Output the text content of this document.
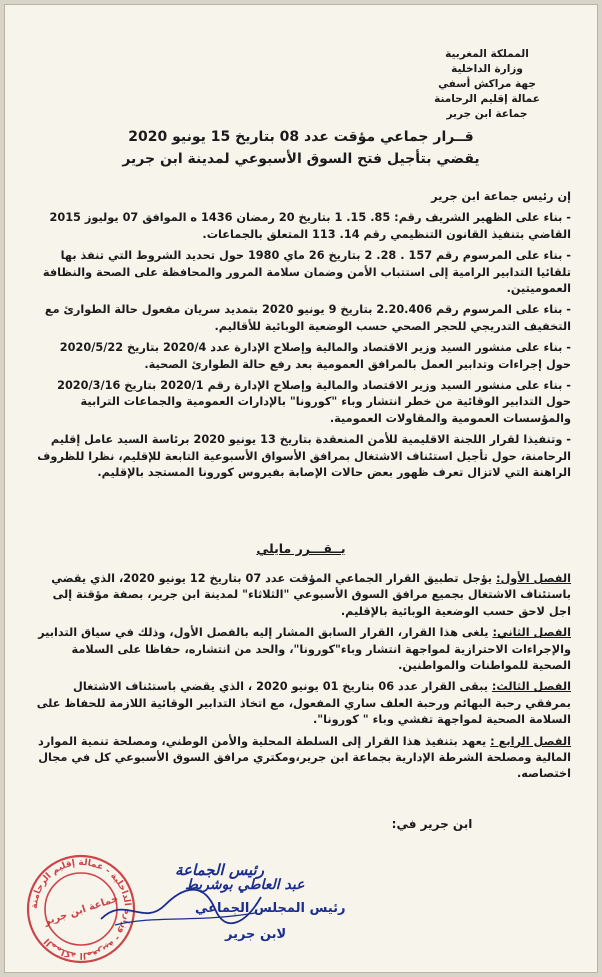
المملكة المغربية
وزارة الداخلية
جهة مراكش أسفي
عمالة إقليم الرحامنة
جماعة ابن جرير
قــرار جماعي مؤقت عدد 08 بتاريخ 15 يونيو 2020
يقضي بتأجيل فتح السوق الأسبوعي لمدينة ابن جرير

إن رئيس جماعة ابن جرير

- بناء على الظهير الشريف رقم: 85. 15. 1 بتاريخ 20 رمضان 1436 ه الموافق 07 يوليوز 2015 القاضي بتنفيذ القانون التنظيمي رقم 14. 113 المتعلق بالجماعات.

- بناء على المرسوم رقم 157 . 28. 2 بتاريخ 26 ماي 1980 حول تحديد الشروط التي تنفذ بها تلقائيا التدابير الرامية إلى استتباب الأمن وضمان سلامة المرور والمحافظة على الصحة والنظافة العموميتين.

- بناء على المرسوم رقم 2.20.406 بتاريخ 9 يونيو 2020 بتمديد سريان مفعول حالة الطوارئ مع التخفيف التدريجي للحجر الصحي حسب الوضعية الوبائية للأقاليم.

- بناء على منشور السيد وزير الاقتصاد والمالية وإصلاح الإدارة عدد 2020/4 بتاريخ 2020/5/22 حول إجراءات وتدابير العمل بالمرافق العمومية بعد رفع حالة الطوارئ الصحية.

- بناء على منشور السيد وزير الاقتصاد والمالية وإصلاح الإدارة رقم 2020/1 بتاريخ 2020/3/16 حول التدابير الوقائية من خطر انتشار وباء "كورونا" بالإدارات العمومية والجماعات الترابية والمؤسسات العمومية والمقاولات العمومية.

- وتنفيذا لقرار اللجنة الاقليمية للأمن المنعقدة بتاريخ 13 يونيو 2020 برئاسة السيد عامل إقليم الرحامنة، حول تأجيل استئناف الاشتغال بمرافق الأسواق الأسبوعية التابعة للإقليم، نظرا للظروف الراهنة التي لاتزال تعرف ظهور بعض حالات الإصابة بفيروس كورونا المستجد بالإقليم.

يــقـــرر مايلي

الفصل الأول: يؤجل تطبيق القرار الجماعي المؤقت عدد 07 بتاريخ 12 يونيو 2020، الذي يقضي باستئناف الاشتغال بجميع مرافق السوق الأسبوعي "الثلاثاء" لمدينة ابن جرير، بصفة مؤقتة إلى اجل لاحق حسب الوضعية الوبائية بالإقليم.

الفصل الثاني: يلغى هذا القرار، القرار السابق المشار إليه بالفصل الأول، وذلك في سياق التدابير والإجراءات الاحترازية لمواجهة انتشار وباء"كورونا"، والحد من انتشاره، حفاظا على السلامة الصحية للمواطنات والمواطنين.

الفصل الثالث: يبقى القرار عدد 06 بتاريخ 01 يونيو 2020 ، الذي يقضي باستئناف الاشتغال بمرفقي رحبة البهائم ورحبة العلف ساري المفعول، مع اتخاذ التدابير الوقائية اللازمة للحفاظ على السلامة الصحية لمواجهة تفشي وباء " كورونا".

الفصل الرابع : يعهد بتنفيذ هذا القرار إلى السلطة المحلية والأمن الوطني، ومصلحة تنمية الموارد المالية ومصلحة الشرطة الإدارية بجماعة ابن جرير،ومكتري مرافق السوق الأسبوعي كل في مجال اختصاصه.

ابن جرير في:
المملكة المغربية - وزارة الداخلية - عمالة إقليم الرحامنة
جماعة ابن جرير
رئيس الجماعة
عبد العاطي بوشريط
رئيس المجلس الجماعي
لابن جرير
